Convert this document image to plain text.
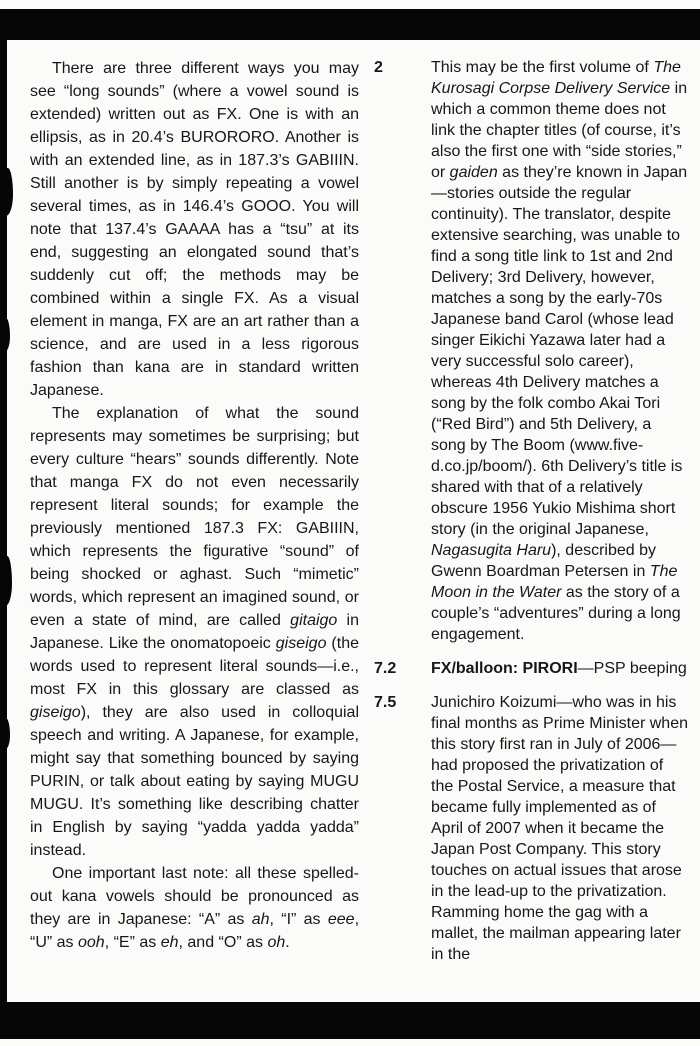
There are three different ways you may see “long sounds” (where a vowel sound is extended) written out as FX. One is with an ellipsis, as in 20.4’s BURORORO. Another is with an extended line, as in 187.3’s GABIIIN. Still another is by simply repeating a vowel several times, as in 146.4’s GOOO. You will note that 137.4’s GAAAA has a “tsu” at its end, suggesting an elongated sound that’s suddenly cut off; the methods may be combined within a single FX. As a visual element in manga, FX are an art rather than a science, and are used in a less rigorous fashion than kana are in standard written Japanese.

The explanation of what the sound represents may sometimes be surprising; but every culture “hears” sounds differently. Note that manga FX do not even necessarily represent literal sounds; for example the previously mentioned 187.3 FX: GABIIIN, which represents the figurative “sound” of being shocked or aghast. Such “mimetic” words, which represent an imagined sound, or even a state of mind, are called gitaigo in Japanese. Like the onomatopoeic giseigo (the words used to represent literal sounds—i.e., most FX in this glossary are classed as giseigo), they are also used in colloquial speech and writing. A Japanese, for example, might say that something bounced by saying PURIN, or talk about eating by saying MUGU MUGU. It’s something like describing chatter in English by saying “yadda yadda yadda” instead.

One important last note: all these spelled-out kana vowels should be pronounced as they are in Japanese: “A” as ah, “I” as eee, “U” as ooh, “E” as eh, and “O” as oh.

2	This may be the first volume of The Kurosagi Corpse Delivery Service in which a common theme does not link the chapter titles (of course, it’s also the first one with “side stories,” or gaiden as they’re known in Japan—stories outside the regular continuity). The translator, despite extensive searching, was unable to find a song title link to 1st and 2nd Delivery; 3rd Delivery, however, matches a song by the early-70s Japanese band Carol (whose lead singer Eikichi Yazawa later had a very successful solo career), whereas 4th Delivery matches a song by the folk combo Akai Tori (“Red Bird”) and 5th Delivery, a song by The Boom (www.five-d.co.jp/boom/). 6th Delivery’s title is shared with that of a relatively obscure 1956 Yukio Mishima short story (in the original Japanese, Nagasugita Haru), described by Gwenn Boardman Petersen in The Moon in the Water as the story of a couple’s “adventures” during a long engagement.
7.2	FX/balloon: PIRORI—PSP beeping
7.5	Junichiro Koizumi—who was in his final months as Prime Minister when this story first ran in July of 2006—had proposed the privatization of the Postal Service, a measure that became fully implemented as of April of 2007 when it became the Japan Post Company. This story touches on actual issues that arose in the lead-up to the privatization. Ramming home the gag with a mallet, the mailman appearing later in the
